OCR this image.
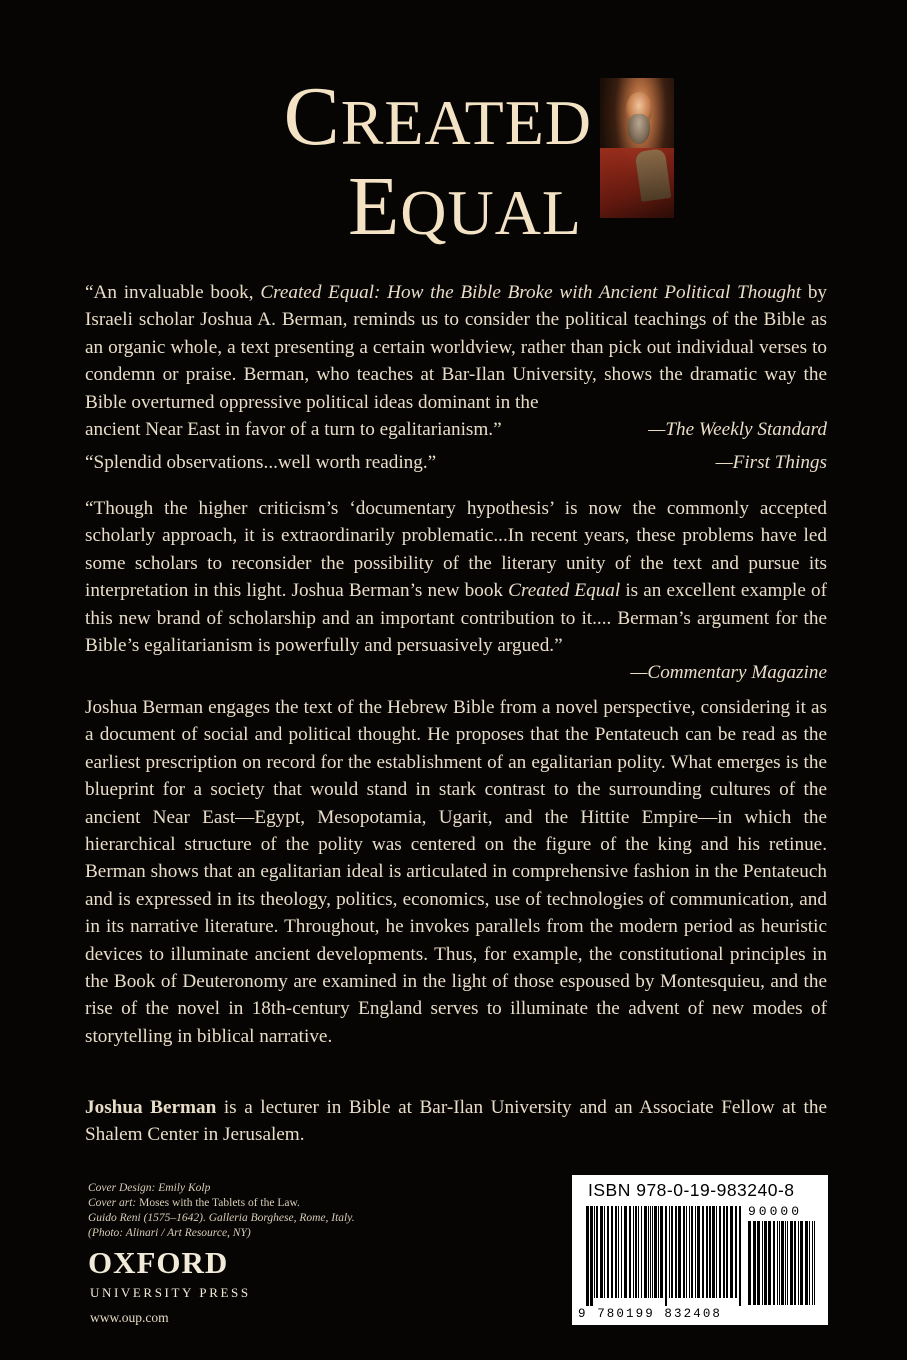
CREATED
EQUAL

“An invaluable book, Created Equal: How the Bible Broke with Ancient Political Thought by Israeli scholar Joshua A. Berman, reminds us to consider the political teachings of the Bible as an organic whole, a text presenting a certain worldview, rather than pick out individual verses to condemn or praise. Berman, who teaches at Bar-Ilan University, shows the dramatic way the Bible overturned oppressive political ideas dominant in the

ancient Near East in favor of a turn to egalitarianism.”	—The Weekly Standard
“Splendid observations...well worth reading.”	—First Things

“Though the higher criticism’s ‘documentary hypothesis’ is now the commonly accepted scholarly approach, it is extraordinarily problematic...In recent years, these problems have led some scholars to reconsider the possibility of the literary unity of the text and pursue its interpretation in this light. Joshua Berman’s new book Created Equal is an excellent example of this new brand of scholarship and an important contribution to it.... Berman’s argument for the Bible’s egalitarianism is powerfully and persuasively argued.”

—Commentary Magazine

Joshua Berman engages the text of the Hebrew Bible from a novel perspective, considering it as a document of social and political thought. He proposes that the Pentateuch can be read as the earliest prescription on record for the establishment of an egalitarian polity. What emerges is the blueprint for a society that would stand in stark contrast to the surrounding cultures of the ancient Near East—Egypt, Mesopotamia, Ugarit, and the Hittite Empire—in which the hierarchical structure of the polity was centered on the figure of the king and his retinue. Berman shows that an egalitarian ideal is articulated in comprehensive fashion in the Pentateuch and is expressed in its theology, politics, economics, use of technologies of communication, and in its narrative literature. Throughout, he invokes parallels from the modern period as heuristic devices to illuminate ancient developments. Thus, for example, the constitutional principles in the Book of Deuteronomy are examined in the light of those espoused by Montesquieu, and the rise of the novel in 18th-century England serves to illuminate the advent of new modes of storytelling in biblical narrative.

Joshua Berman is a lecturer in Bible at Bar-Ilan University and an Associate Fellow at the Shalem Center in Jerusalem.

Cover Design: Emily Kolp
Cover art: Moses with the Tablets of the Law.
Guido Reni (1575–1642). Galleria Borghese, Rome, Italy.
(Photo: Alinari / Art Resource, NY)
OXFORD
UNIVERSITY PRESS
www.oup.com
ISBN 978-0-19-983240-8
90000
9 780199 832408
